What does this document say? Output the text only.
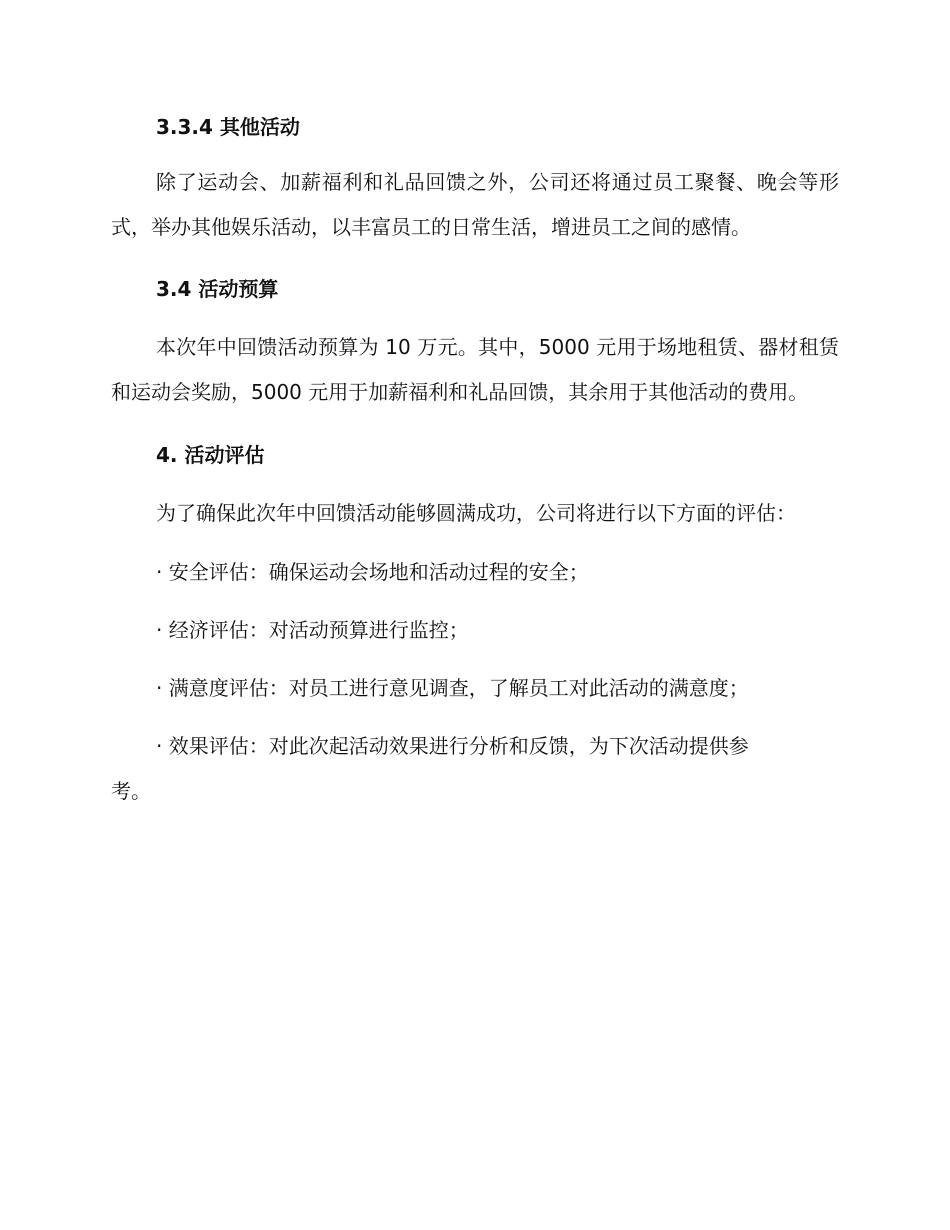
3.3.4 其他活动

除了运动会、加薪福利和礼品回馈之外，公司还将通过员工聚餐、晚会等形式，举办其他娱乐活动，以丰富员工的日常生活，增进员工之间的感情。

3.4 活动预算

本次年中回馈活动预算为 10 万元。其中，5000 元用于场地租赁、器材租赁和运动会奖励，5000 元用于加薪福利和礼品回馈，其余用于其他活动的费用。

4. 活动评估

为了确保此次年中回馈活动能够圆满成功，公司将进行以下方面的评估：

· 安全评估：确保运动会场地和活动过程的安全；

· 经济评估：对活动预算进行监控；

· 满意度评估：对员工进行意见调查，了解员工对此活动的满意度；

· 效果评估：对此次起活动效果进行分析和反馈，为下次活动提供参
考。
